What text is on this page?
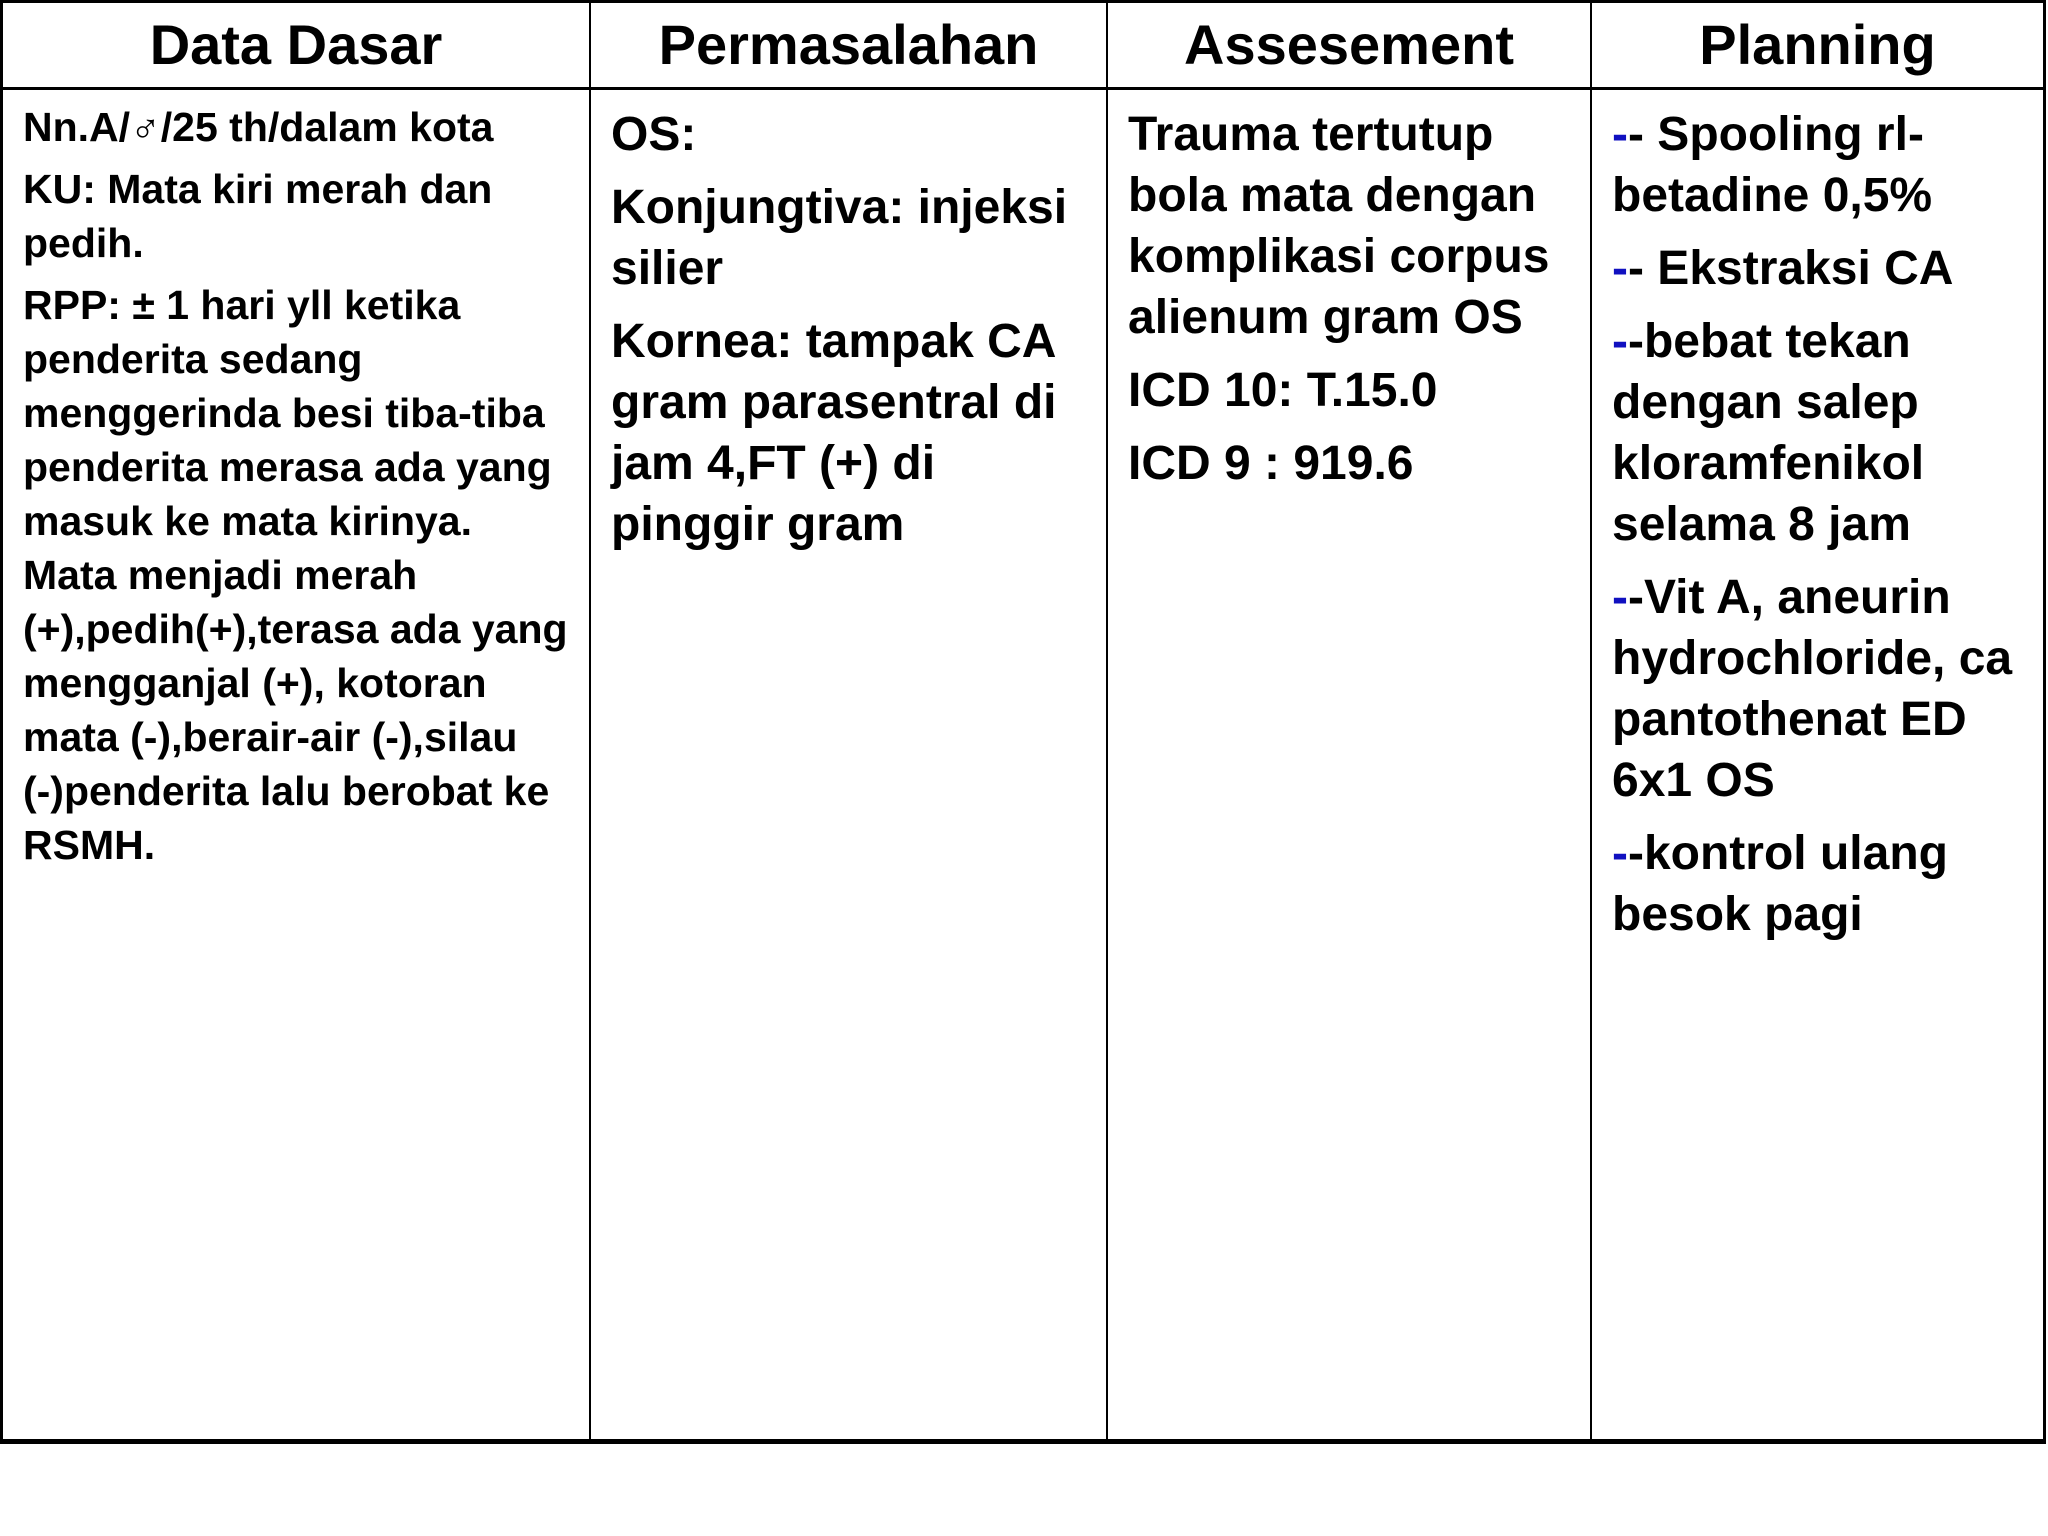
Data Dasar

Nn.A/♂/25 th/dalam kota

KU: Mata kiri merah dan pedih.

RPP: ± 1 hari yll ketika penderita sedang menggerinda besi tiba-tiba penderita merasa ada yang masuk ke mata kirinya. Mata menjadi merah (+),pedih(+),terasa ada yang mengganjal (+), kotoran mata (-),berair-air (-),silau (-)penderita lalu berobat ke RSMH.

Permasalahan

OS:

Konjungtiva: injeksi silier

Kornea: tampak CA gram parasentral di jam 4,FT (+) di pinggir gram

Assesement

Trauma tertutup bola mata dengan komplikasi corpus alienum gram OS

ICD 10: T.15.0

ICD 9 : 919.6

Planning

-- Spooling rl-betadine 0,5%

-- Ekstraksi CA

--bebat tekan dengan salep kloramfenikol selama 8 jam

--Vit A, aneurin hydrochloride, ca pantothenat ED 6x1 OS

--kontrol ulang besok pagi
